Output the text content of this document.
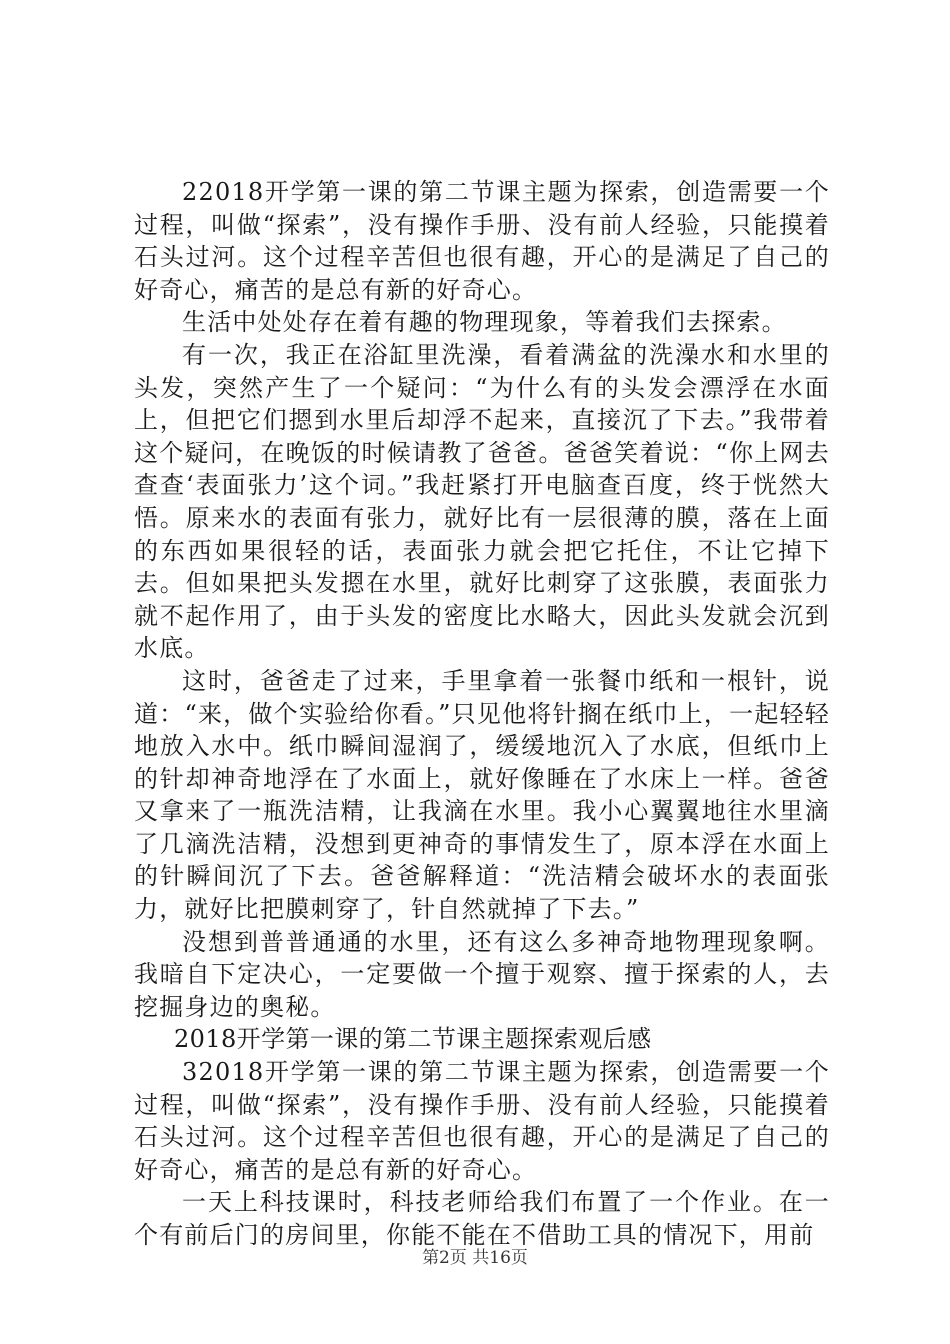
22018开学第一课的第二节课主题为探索，创造需要一个过程，叫做“探索”，没有操作手册、没有前人经验，只能摸着石头过河。这个过程辛苦但也很有趣，开心的是满足了自己的好奇心，痛苦的是总有新的好奇心。

生活中处处存在着有趣的物理现象，等着我们去探索。

有一次，我正在浴缸里洗澡，看着满盆的洗澡水和水里的头发，突然产生了一个疑问：“为什么有的头发会漂浮在水面上，但把它们摁到水里后却浮不起来，直接沉了下去。”我带着这个疑问，在晚饭的时候请教了爸爸。爸爸笑着说：“你上网去查查‘表面张力’这个词。”我赶紧打开电脑查百度，终于恍然大悟。原来水的表面有张力，就好比有一层很薄的膜，落在上面的东西如果很轻的话，表面张力就会把它托住，不让它掉下去。但如果把头发摁在水里，就好比刺穿了这张膜，表面张力就不起作用了，由于头发的密度比水略大，因此头发就会沉到水底。

这时，爸爸走了过来，手里拿着一张餐巾纸和一根针，说道：“来，做个实验给你看。”只见他将针搁在纸巾上，一起轻轻地放入水中。纸巾瞬间湿润了，缓缓地沉入了水底，但纸巾上的针却神奇地浮在了水面上，就好像睡在了水床上一样。爸爸又拿来了一瓶洗洁精，让我滴在水里。我小心翼翼地往水里滴了几滴洗洁精，没想到更神奇的事情发生了，原本浮在水面上的针瞬间沉了下去。爸爸解释道：“洗洁精会破坏水的表面张力，就好比把膜刺穿了，针自然就掉了下去。”

没想到普普通通的水里，还有这么多神奇地物理现象啊。我暗自下定决心，一定要做一个擅于观察、擅于探索的人，去挖掘身边的奥秘。

2018开学第一课的第二节课主题探索观后感

32018开学第一课的第二节课主题为探索，创造需要一个过程，叫做“探索”，没有操作手册、没有前人经验，只能摸着石头过河。这个过程辛苦但也很有趣，开心的是满足了自己的好奇心，痛苦的是总有新的好奇心。

一天上科技课时，科技老师给我们布置了一个作业。在一个有前后门的房间里，你能不能在不借助工具的情况下，用前

第2页 共16页
